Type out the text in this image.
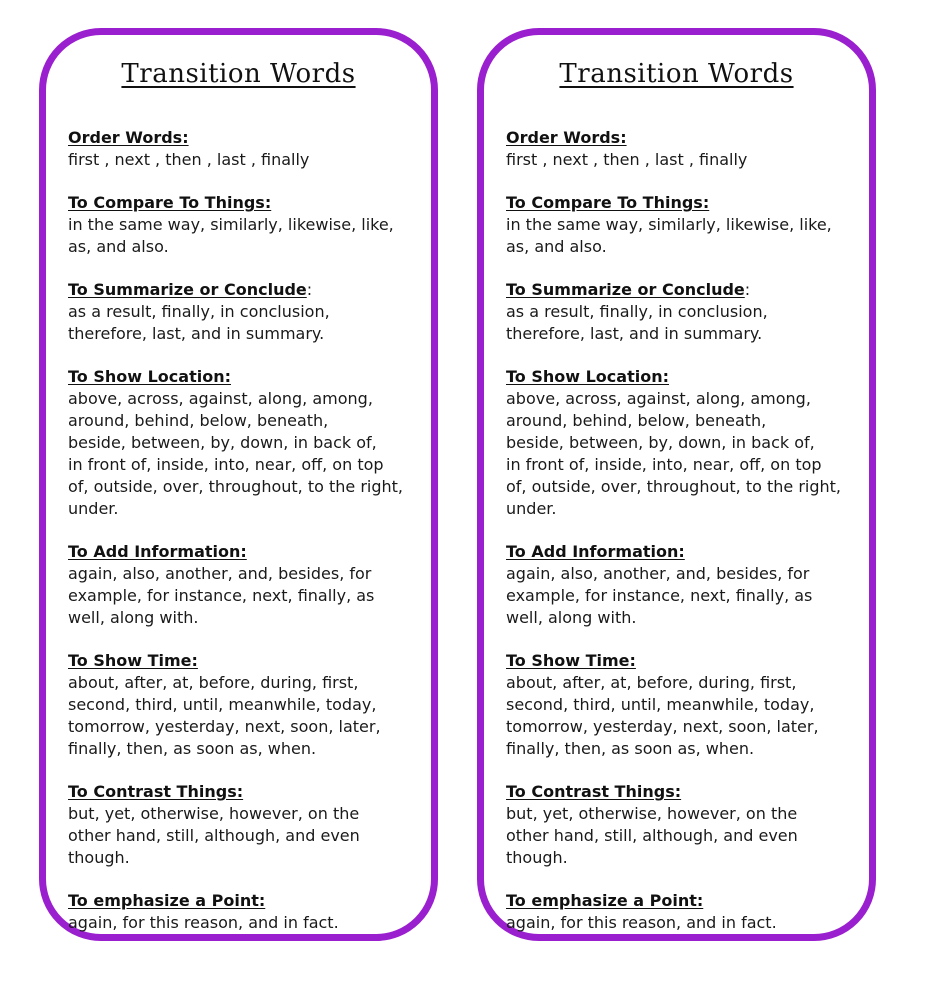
Transition Words
Order Words:
first , next , then , last , finally
To Compare To Things:
in the same way, similarly, likewise, like,
as, and also.
To Summarize or Conclude:
as a result, finally, in conclusion,
therefore, last, and in summary.
To Show Location:
above, across, against, along, among,
around, behind, below, beneath,
beside, between, by, down, in back of,
in front of, inside, into, near, off, on top
of, outside, over, throughout, to the right,
under.
To Add Information:
again, also, another, and, besides, for
example, for instance, next, finally, as
well, along with.
To Show Time:
about, after, at, before, during, first,
second, third, until, meanwhile, today,
tomorrow, yesterday, next, soon, later,
finally, then, as soon as, when.
To Contrast Things:
but, yet, otherwise, however, on the
other hand, still, although, and even
though.
To emphasize a Point:
again, for this reason, and in fact.
Transition Words
Order Words:
first , next , then , last , finally
To Compare To Things:
in the same way, similarly, likewise, like,
as, and also.
To Summarize or Conclude:
as a result, finally, in conclusion,
therefore, last, and in summary.
To Show Location:
above, across, against, along, among,
around, behind, below, beneath,
beside, between, by, down, in back of,
in front of, inside, into, near, off, on top
of, outside, over, throughout, to the right,
under.
To Add Information:
again, also, another, and, besides, for
example, for instance, next, finally, as
well, along with.
To Show Time:
about, after, at, before, during, first,
second, third, until, meanwhile, today,
tomorrow, yesterday, next, soon, later,
finally, then, as soon as, when.
To Contrast Things:
but, yet, otherwise, however, on the
other hand, still, although, and even
though.
To emphasize a Point:
again, for this reason, and in fact.
